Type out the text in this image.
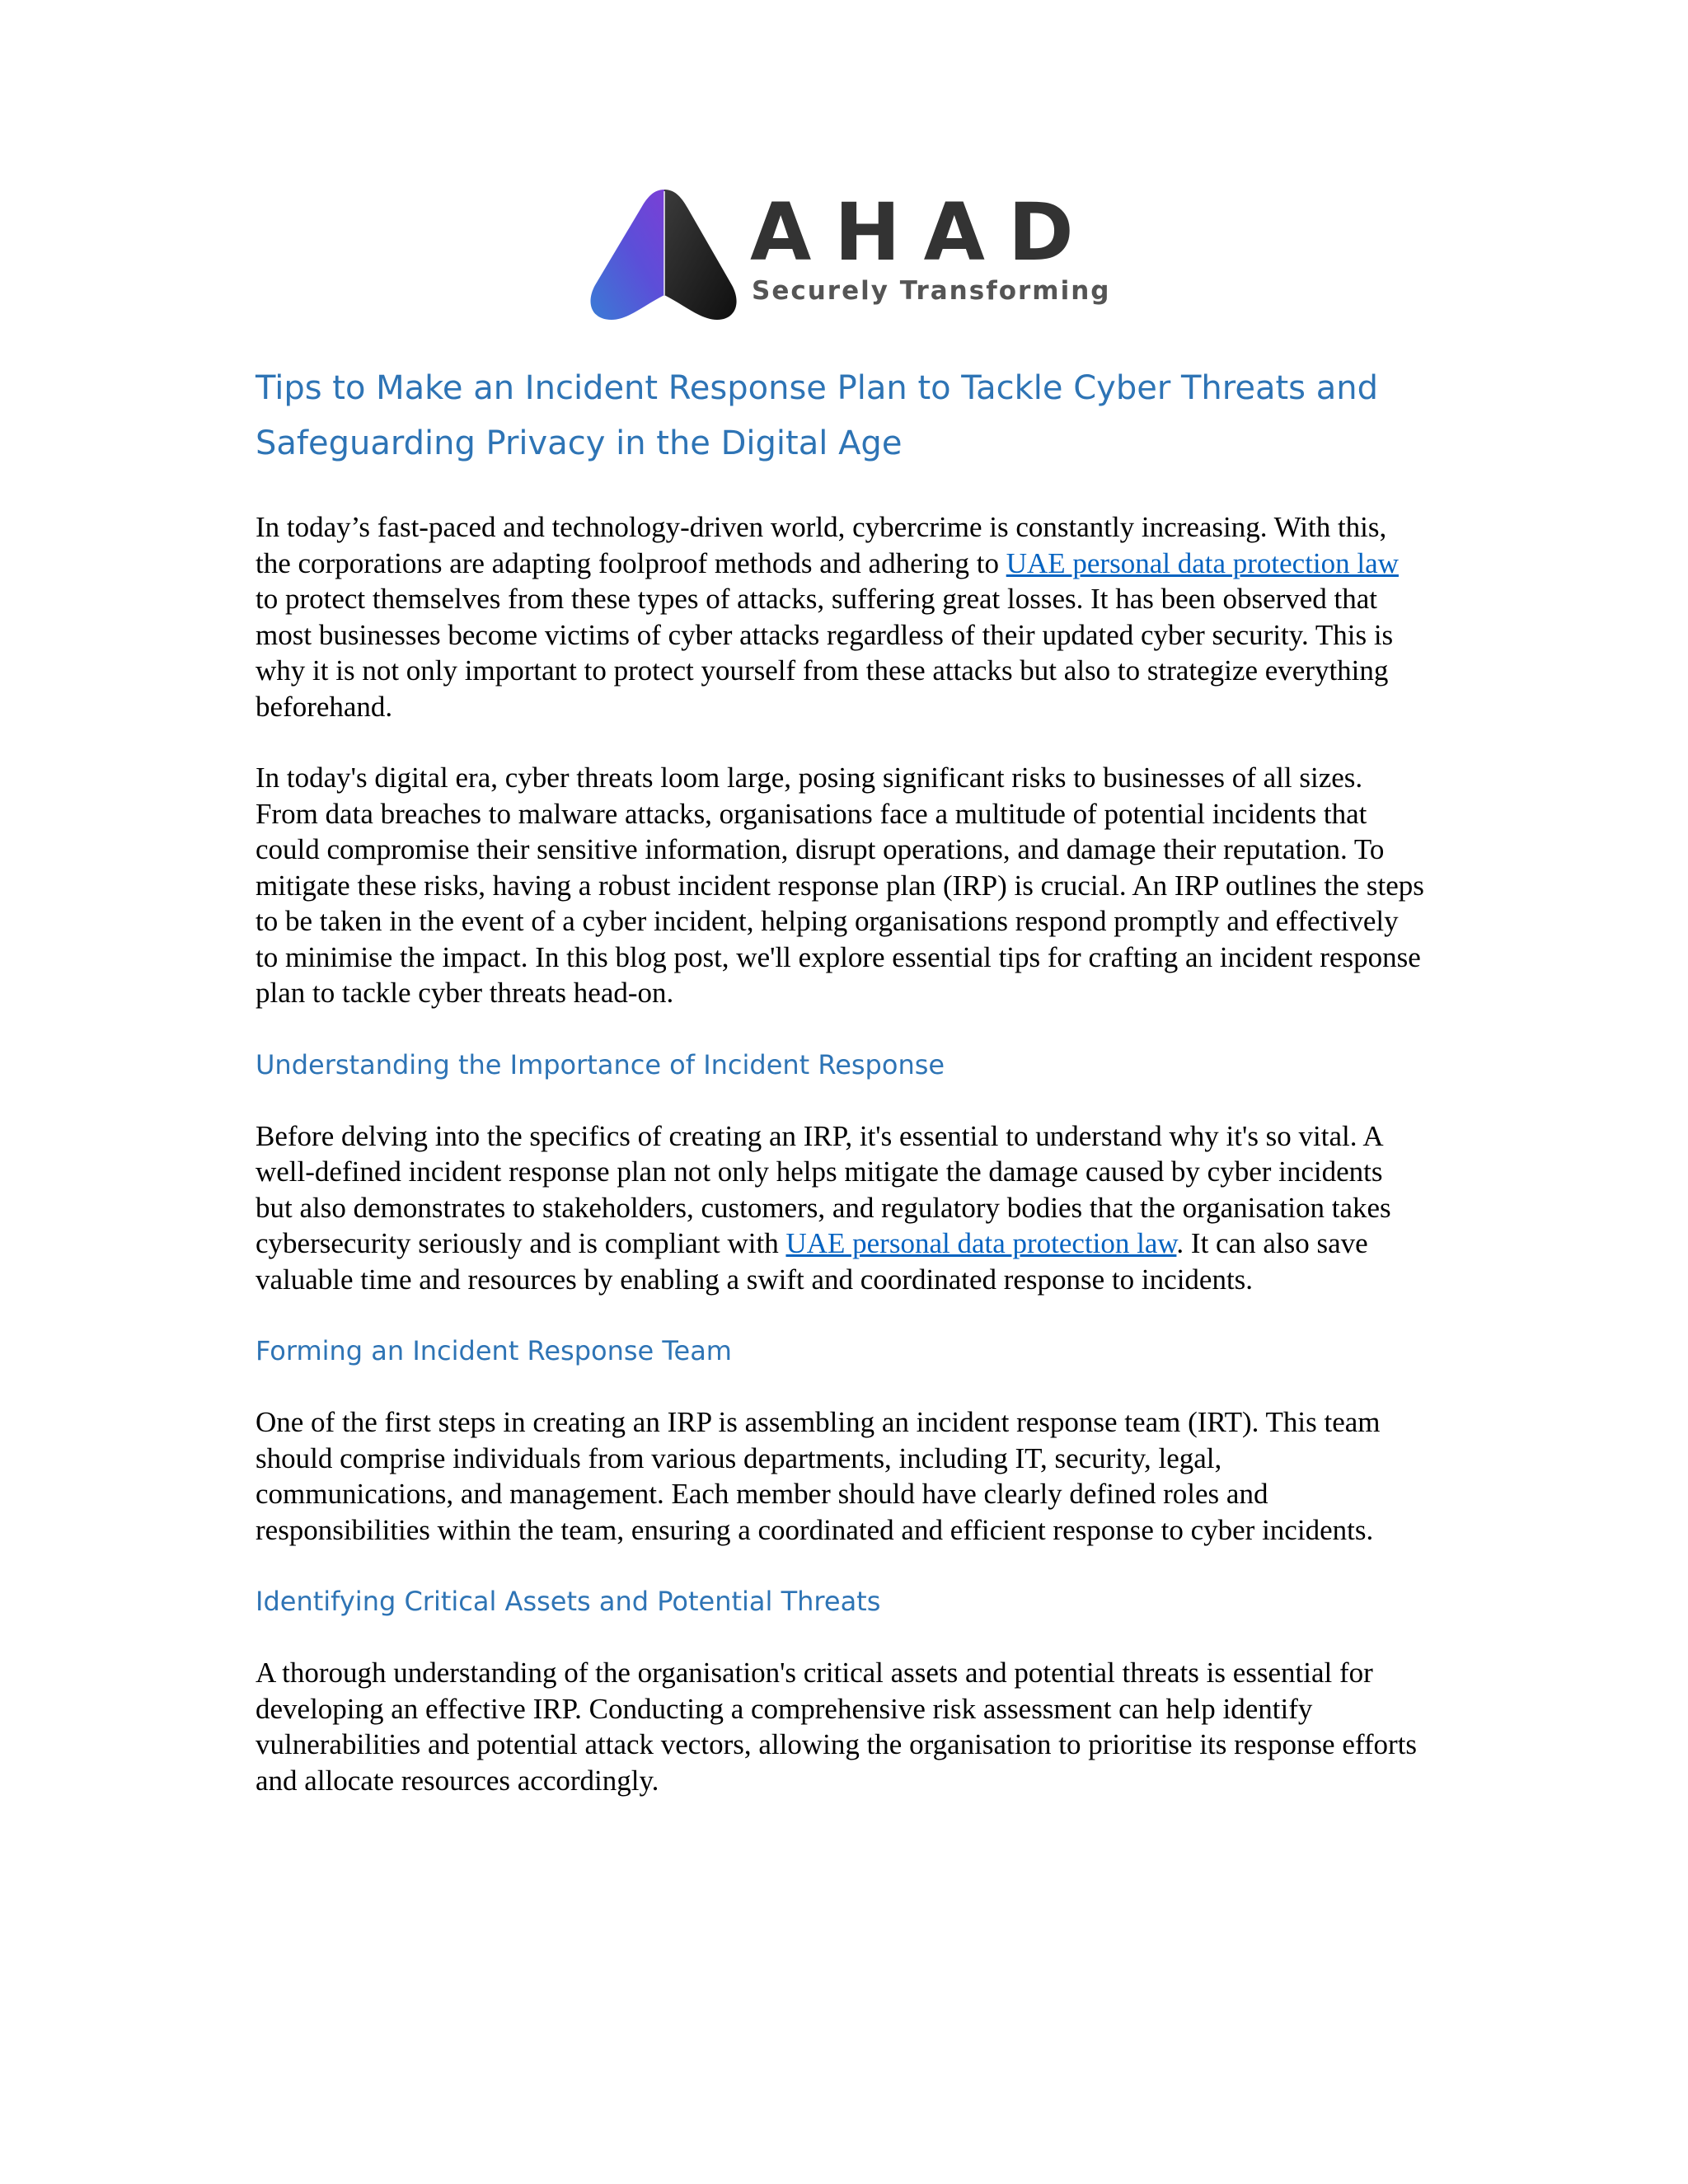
AHAD
Securely Transforming
Tips to Make an Incident Response Plan to Tackle Cyber Threats and Safeguarding Privacy in the Digital Age

In today’s fast-paced and technology-driven world, cybercrime is constantly increasing. With this, the corporations are adapting foolproof methods and adhering to UAE personal data protection law to protect themselves from these types of attacks, suffering great losses. It has been observed that most businesses become victims of cyber attacks regardless of their updated cyber security. This is why it is not only important to protect yourself from these attacks but also to strategize everything beforehand.

In today's digital era, cyber threats loom large, posing significant risks to businesses of all sizes. From data breaches to malware attacks, organisations face a multitude of potential incidents that could compromise their sensitive information, disrupt operations, and damage their reputation. To mitigate these risks, having a robust incident response plan (IRP) is crucial. An IRP outlines the steps to be taken in the event of a cyber incident, helping organisations respond promptly and effectively to minimise the impact. In this blog post, we'll explore essential tips for crafting an incident response plan to tackle cyber threats head-on.

Understanding the Importance of Incident Response

Before delving into the specifics of creating an IRP, it's essential to understand why it's so vital. A well-defined incident response plan not only helps mitigate the damage caused by cyber incidents but also demonstrates to stakeholders, customers, and regulatory bodies that the organisation takes cybersecurity seriously and is compliant with UAE personal data protection law. It can also save valuable time and resources by enabling a swift and coordinated response to incidents.

Forming an Incident Response Team

One of the first steps in creating an IRP is assembling an incident response team (IRT). This team should comprise individuals from various departments, including IT, security, legal, communications, and management. Each member should have clearly defined roles and responsibilities within the team, ensuring a coordinated and efficient response to cyber incidents.

Identifying Critical Assets and Potential Threats

A thorough understanding of the organisation's critical assets and potential threats is essential for developing an effective IRP. Conducting a comprehensive risk assessment can help identify vulnerabilities and potential attack vectors, allowing the organisation to prioritise its response efforts and allocate resources accordingly.
